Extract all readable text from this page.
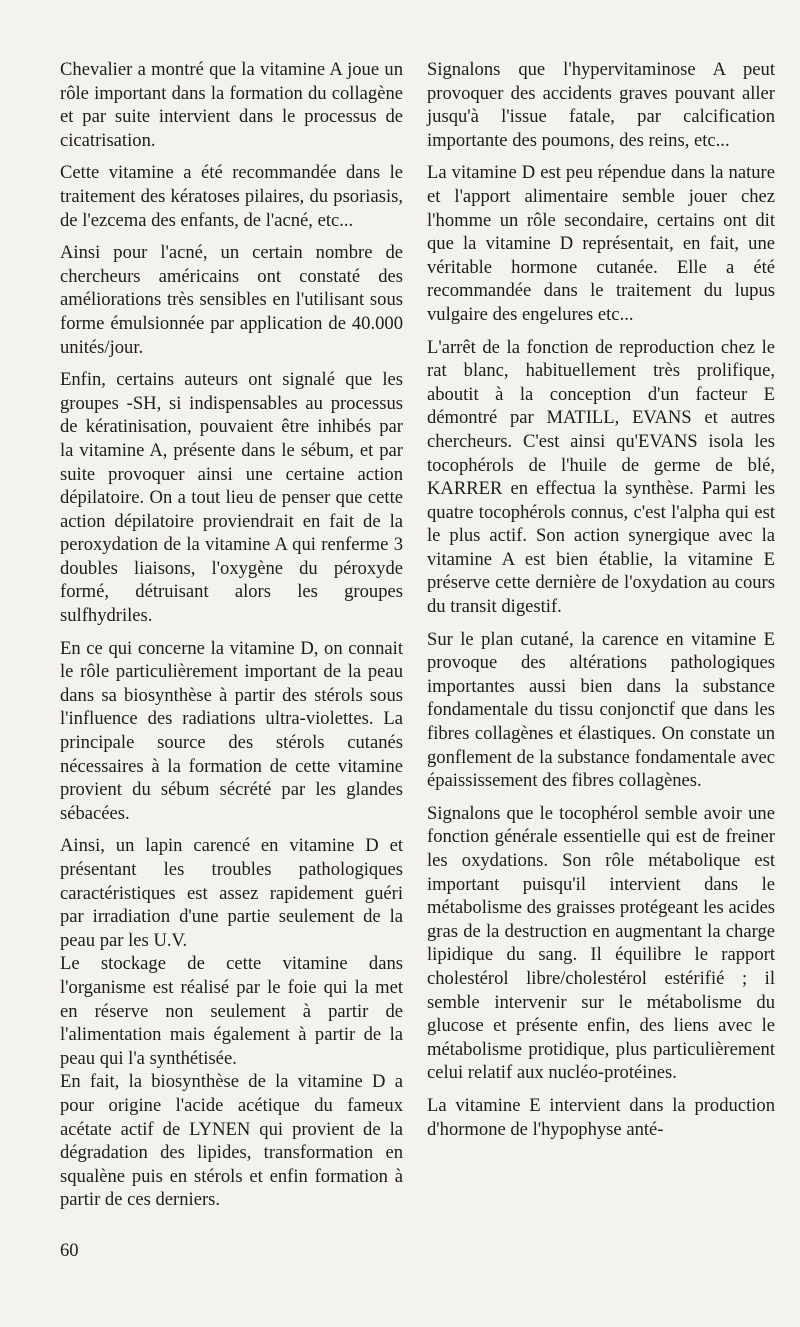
Chevalier a montré que la vitamine A joue un rôle important dans la formation du collagène et par suite intervient dans le processus de cicatrisation.

Cette vitamine a été recommandée dans le traitement des kératoses pilaires, du psoriasis, de l'ezcema des enfants, de l'acné, etc...

Ainsi pour l'acné, un certain nombre de chercheurs américains ont constaté des améliorations très sensibles en l'utilisant sous forme émulsionnée par application de 40.000 unités/jour.

Enfin, certains auteurs ont signalé que les groupes -SH, si indispensables au processus de kératinisation, pouvaient être inhibés par la vitamine A, présente dans le sébum, et par suite provoquer ainsi une certaine action dépilatoire. On a tout lieu de penser que cette action dépilatoire proviendrait en fait de la peroxydation de la vitamine A qui renferme 3 doubles liaisons, l'oxygène du péroxyde formé, détruisant alors les groupes sulfhydriles.

En ce qui concerne la vitamine D, on connait le rôle particulièrement important de la peau dans sa biosynthèse à partir des stérols sous l'influence des radiations ultra-violettes. La principale source des stérols cutanés nécessaires à la formation de cette vitamine provient du sébum sécrété par les glandes sébacées.

Ainsi, un lapin carencé en vitamine D et présentant les troubles pathologiques caractéristiques est assez rapidement guéri par irradiation d'une partie seulement de la peau par les U.V.

Le stockage de cette vitamine dans l'organisme est réalisé par le foie qui la met en réserve non seulement à partir de l'alimentation mais également à partir de la peau qui l'a synthétisée.

En fait, la biosynthèse de la vitamine D a pour origine l'acide acétique du fameux acétate actif de LYNEN qui provient de la dégradation des lipides, transformation en squalène puis en stérols et enfin formation à partir de ces derniers.

Signalons que l'hypervitaminose A peut provoquer des accidents graves pouvant aller jusqu'à l'issue fatale, par calcification importante des poumons, des reins, etc...

La vitamine D est peu répendue dans la nature et l'apport alimentaire semble jouer chez l'homme un rôle secondaire, certains ont dit que la vitamine D représentait, en fait, une véritable hormone cutanée. Elle a été recommandée dans le traitement du lupus vulgaire des engelures etc...

L'arrêt de la fonction de reproduction chez le rat blanc, habituellement très prolifique, aboutit à la conception d'un facteur E démontré par MATILL, EVANS et autres chercheurs. C'est ainsi qu'EVANS isola les tocophérols de l'huile de germe de blé, KARRER en effectua la synthèse. Parmi les quatre tocophérols connus, c'est l'alpha qui est le plus actif. Son action synergique avec la vitamine A est bien établie, la vitamine E préserve cette dernière de l'oxydation au cours du transit digestif.

Sur le plan cutané, la carence en vitamine E provoque des altérations pathologiques importantes aussi bien dans la substance fondamentale du tissu conjonctif que dans les fibres collagènes et élastiques. On constate un gonflement de la substance fondamentale avec épaississement des fibres collagènes.

Signalons que le tocophérol semble avoir une fonction générale essentielle qui est de freiner les oxydations. Son rôle métabolique est important puisqu'il intervient dans le métabolisme des graisses protégeant les acides gras de la destruction en augmentant la charge lipidique du sang. Il équilibre le rapport cholestérol libre/cholestérol estérifié ; il semble intervenir sur le métabolisme du glucose et présente enfin, des liens avec le métabolisme protidique, plus particulièrement celui relatif aux nucléo-protéines.

La vitamine E intervient dans la production d'hormone de l'hypophyse anté-

60
